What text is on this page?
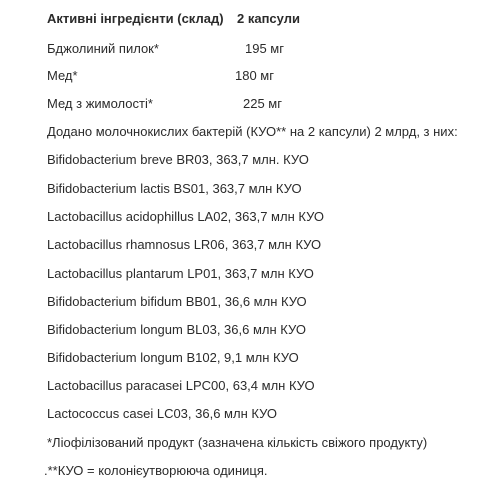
Активні інгредієнти (склад) 2 капсули
Бджолиний пилок*	195 мг
Мед*	180 мг
Мед з жимолості*	225 мг
Додано молочнокислих бактерій (КУО** на 2 капсули) 2 млрд, з них:
Bifidobacterium breve BR03, 363,7 млн. КУО
Bifidobacterium lactis BS01, 363,7 млн КУО
Lactobacillus acidophillus LA02, 363,7 млн КУО
Lactobacillus rhamnosus LR06, 363,7 млн КУО
Lactobacillus plantarum LP01, 363,7 млн КУО
Bifidobacterium bifidum BB01, 36,6 млн КУО
Bifidobacterium longum BL03, 36,6 млн КУО
Bifidobacterium longum B102, 9,1 млн КУО
Lactobacillus paracasei LPC00, 63,4 млн КУО
Lactococcus casei LC03, 36,6 млн КУО
*Ліофілізований продукт (зазначена кількість свіжого продукту)
.**КУО = колонієутворююча одиниця.
